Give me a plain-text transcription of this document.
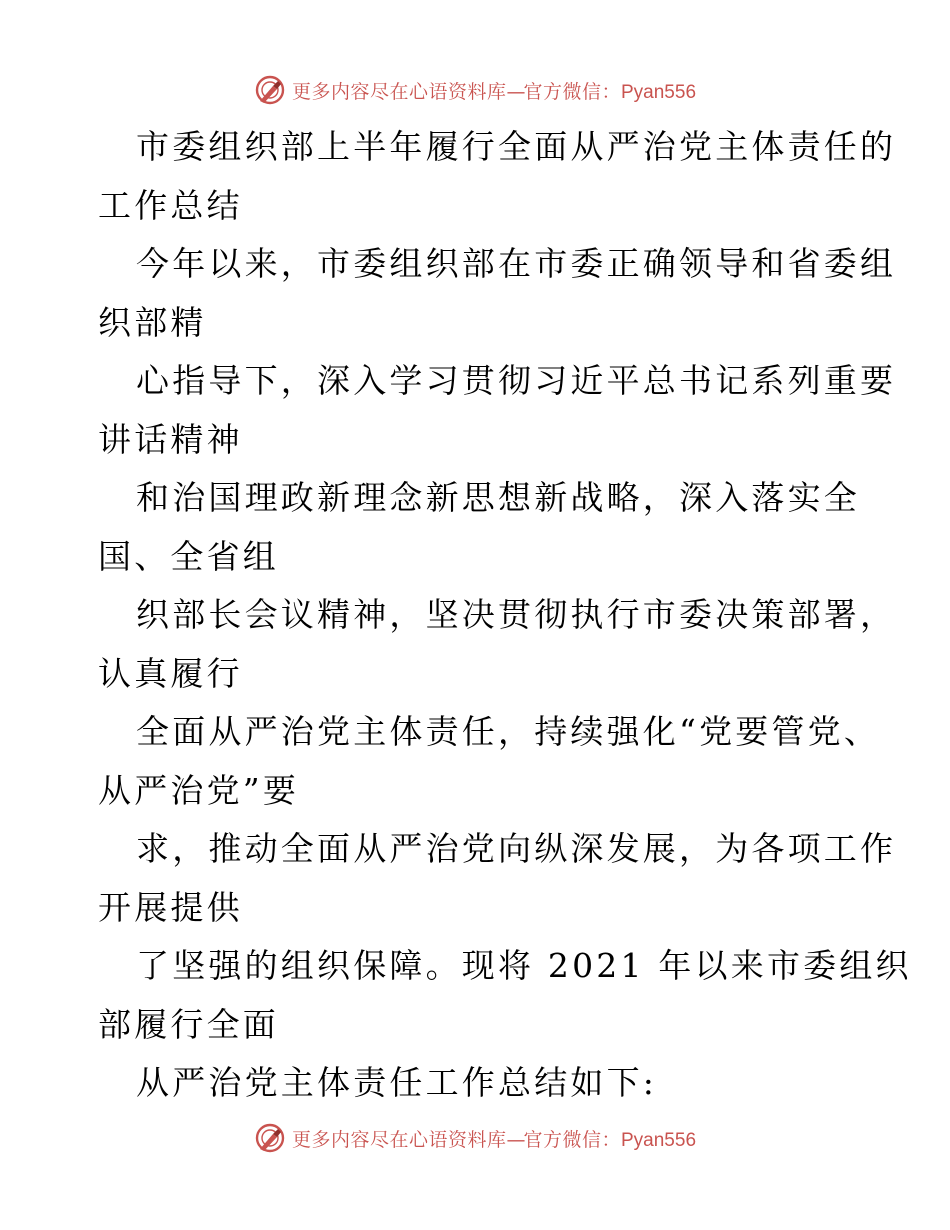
更多内容尽在心语资料库—官方微信：Pyan556

市委组织部上半年履行全面从严治党主体责任的

工作总结

今年以来，市委组织部在市委正确领导和省委组

织部精

心指导下，深入学习贯彻习近平总书记系列重要

讲话精神

和治国理政新理念新思想新战略，深入落实全

国、全省组

织部长会议精神，坚决贯彻执行市委决策部署，

认真履行

全面从严治党主体责任，持续强化“党要管党、

从严治党”要

求，推动全面从严治党向纵深发展，为各项工作

开展提供

了坚强的组织保障。现将 2021 年以来市委组织

部履行全面

从严治党主体责任工作总结如下:

更多内容尽在心语资料库—官方微信：Pyan556
